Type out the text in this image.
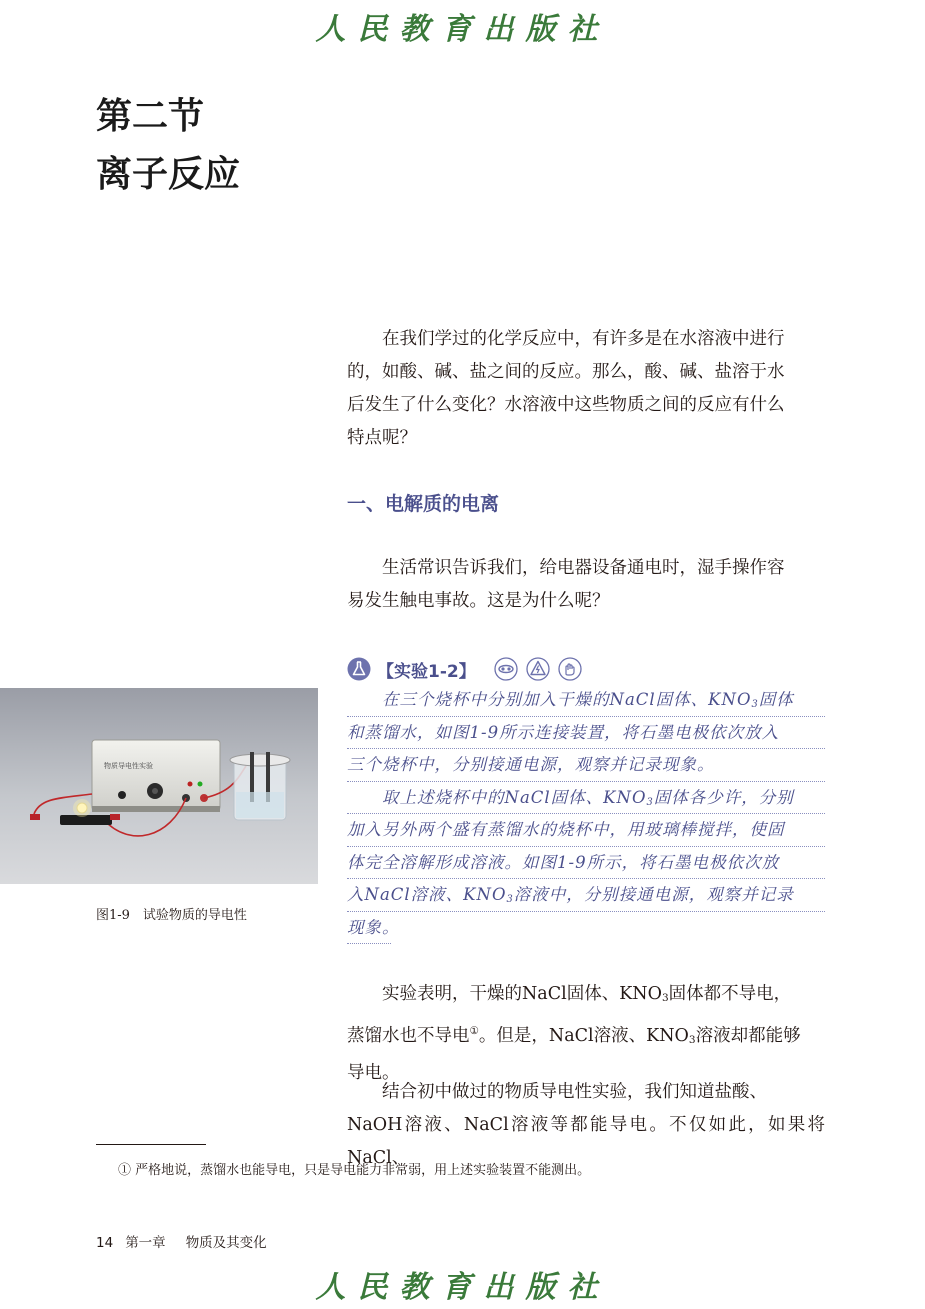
人民教育出版社
第二节
离子反应
在我们学过的化学反应中，有许多是在水溶液中进行
的，如酸、碱、盐之间的反应。那么，酸、碱、盐溶于水
后发生了什么变化？水溶液中这些物质之间的反应有什么
特点呢？
一、电解质的电离
生活常识告诉我们，给电器设备通电时，湿手操作容
易发生触电事故。这是为什么呢？
【实验1-2】
在三个烧杯中分别加入干燥的NaCl固体、$KNO_3$固体
和蒸馏水，如图1-9所示连接装置，将石墨电极依次放入
三个烧杯中，分别接通电源，观察并记录现象。
取上述烧杯中的NaCl固体、$KNO_3$固体各少许，分别
加入另外两个盛有蒸馏水的烧杯中，用玻璃棒搅拌，使固
体完全溶解形成溶液。如图1-9所示，将石墨电极依次放
入NaCl溶液、$KNO_3$溶液中，分别接通电源，观察并记录
现象。
物质导电性实验
图1-9　试验物质的导电性
实验表明，干燥的NaCl固体、$KNO_3$固体都不导电，
蒸馏水也不导电①。但是，NaCl溶液、$KNO_3$溶液却都能够
导电。
结合初中做过的物质导电性实验，我们知道盐酸、
NaOH溶液、NaCl溶液等都能导电。不仅如此，如果将NaCl、
① 严格地说，蒸馏水也能导电，只是导电能力非常弱，用上述实验装置不能测出。
14 第一章 物质及其变化
人民教育出版社
